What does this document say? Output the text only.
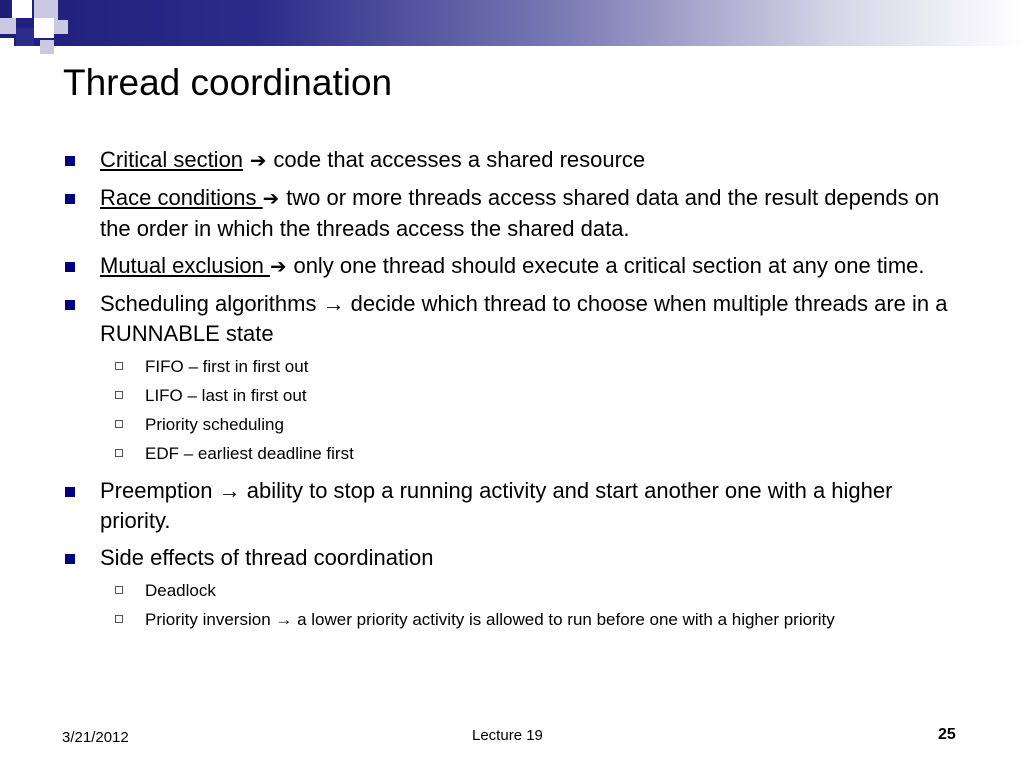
Thread coordination
Critical section ➔ code that accesses a shared resource
Race conditions ➔ two or more threads access shared data and the result depends on the order in which the threads access the shared data.
Mutual exclusion ➔ only one thread should execute a critical section at any one time.
Scheduling algorithms → decide which thread to choose when multiple threads are in a RUNNABLE state
FIFO – first in first out
LIFO – last in first out
Priority scheduling
EDF – earliest deadline first
Preemption → ability to stop a running activity and start another one with a higher priority.
Side effects of thread coordination
Deadlock
Priority inversion → a lower priority activity is allowed to run before one with a higher priority
3/21/2012	Lecture 19	25
